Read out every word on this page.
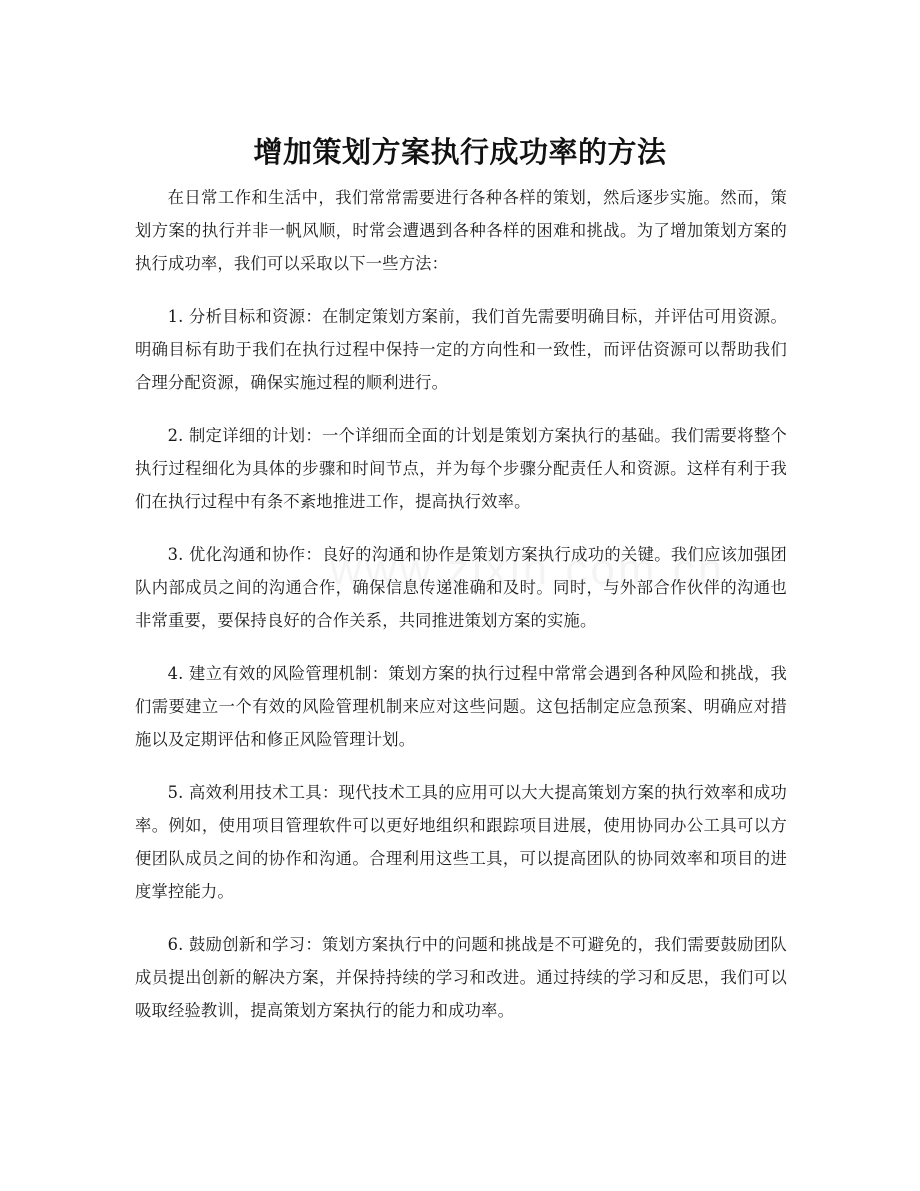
增加策划方案执行成功率的方法

在日常工作和生活中，我们常常需要进行各种各样的策划，然后逐步实施。然而，策划方案的执行并非一帆风顺，时常会遭遇到各种各样的困难和挑战。为了增加策划方案的执行成功率，我们可以采取以下一些方法：

1. 分析目标和资源：在制定策划方案前，我们首先需要明确目标，并评估可用资源。明确目标有助于我们在执行过程中保持一定的方向性和一致性，而评估资源可以帮助我们合理分配资源，确保实施过程的顺利进行。

2. 制定详细的计划：一个详细而全面的计划是策划方案执行的基础。我们需要将整个执行过程细化为具体的步骤和时间节点，并为每个步骤分配责任人和资源。这样有利于我们在执行过程中有条不紊地推进工作，提高执行效率。

3. 优化沟通和协作：良好的沟通和协作是策划方案执行成功的关键。我们应该加强团队内部成员之间的沟通合作，确保信息传递准确和及时。同时，与外部合作伙伴的沟通也非常重要，要保持良好的合作关系，共同推进策划方案的实施。

4. 建立有效的风险管理机制：策划方案的执行过程中常常会遇到各种风险和挑战，我们需要建立一个有效的风险管理机制来应对这些问题。这包括制定应急预案、明确应对措施以及定期评估和修正风险管理计划。

5. 高效利用技术工具：现代技术工具的应用可以大大提高策划方案的执行效率和成功率。例如，使用项目管理软件可以更好地组织和跟踪项目进展，使用协同办公工具可以方便团队成员之间的协作和沟通。合理利用这些工具，可以提高团队的协同效率和项目的进度掌控能力。

6. 鼓励创新和学习：策划方案执行中的问题和挑战是不可避免的，我们需要鼓励团队成员提出创新的解决方案，并保持持续的学习和改进。通过持续的学习和反思，我们可以吸取经验教训，提高策划方案执行的能力和成功率。
